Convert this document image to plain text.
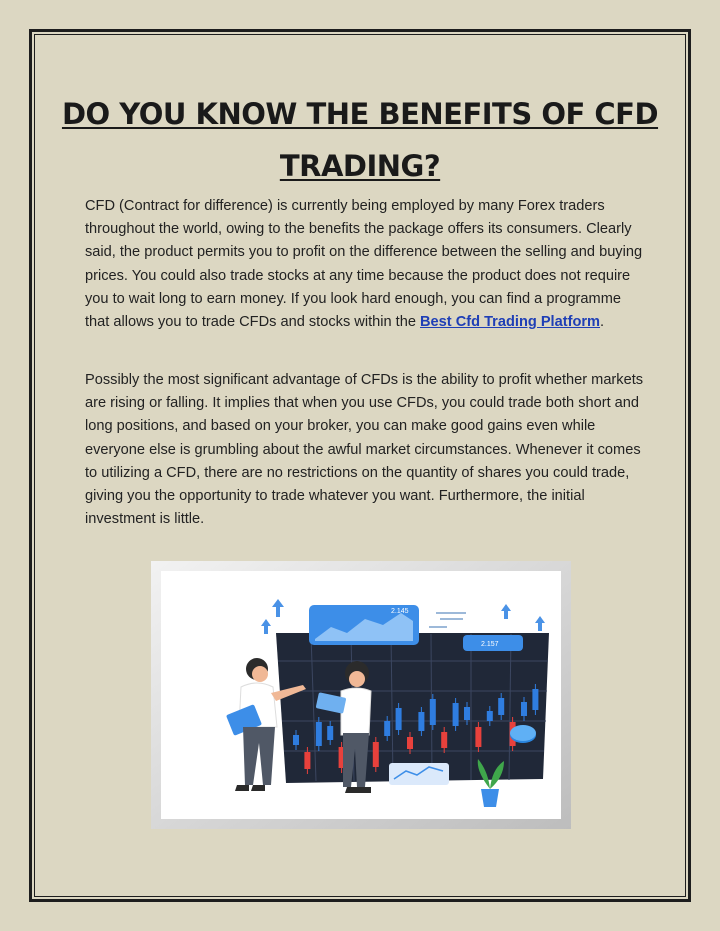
DO YOU KNOW THE BENEFITS OF CFD
TRADING?

CFD (Contract for difference) is currently being employed by many Forex traders throughout the world, owing to the benefits the package offers its consumers. Clearly said, the product permits you to profit on the difference between the selling and buying prices. You could also trade stocks at any time because the product does not require you to wait long to earn money. If you look hard enough, you can find a programme that allows you to trade CFDs and stocks within the Best Cfd Trading Platform.

Possibly the most significant advantage of CFDs is the ability to profit whether markets are rising or falling. It implies that when you use CFDs, you could trade both short and long positions, and based on your broker, you can make good gains even while everyone else is grumbling about the awful market circumstances. Whenever it comes to utilizing a CFD, there are no restrictions on the quantity of shares you could trade, giving you the opportunity to trade whatever you want. Furthermore, the initial investment is little.

2.145
2.157
